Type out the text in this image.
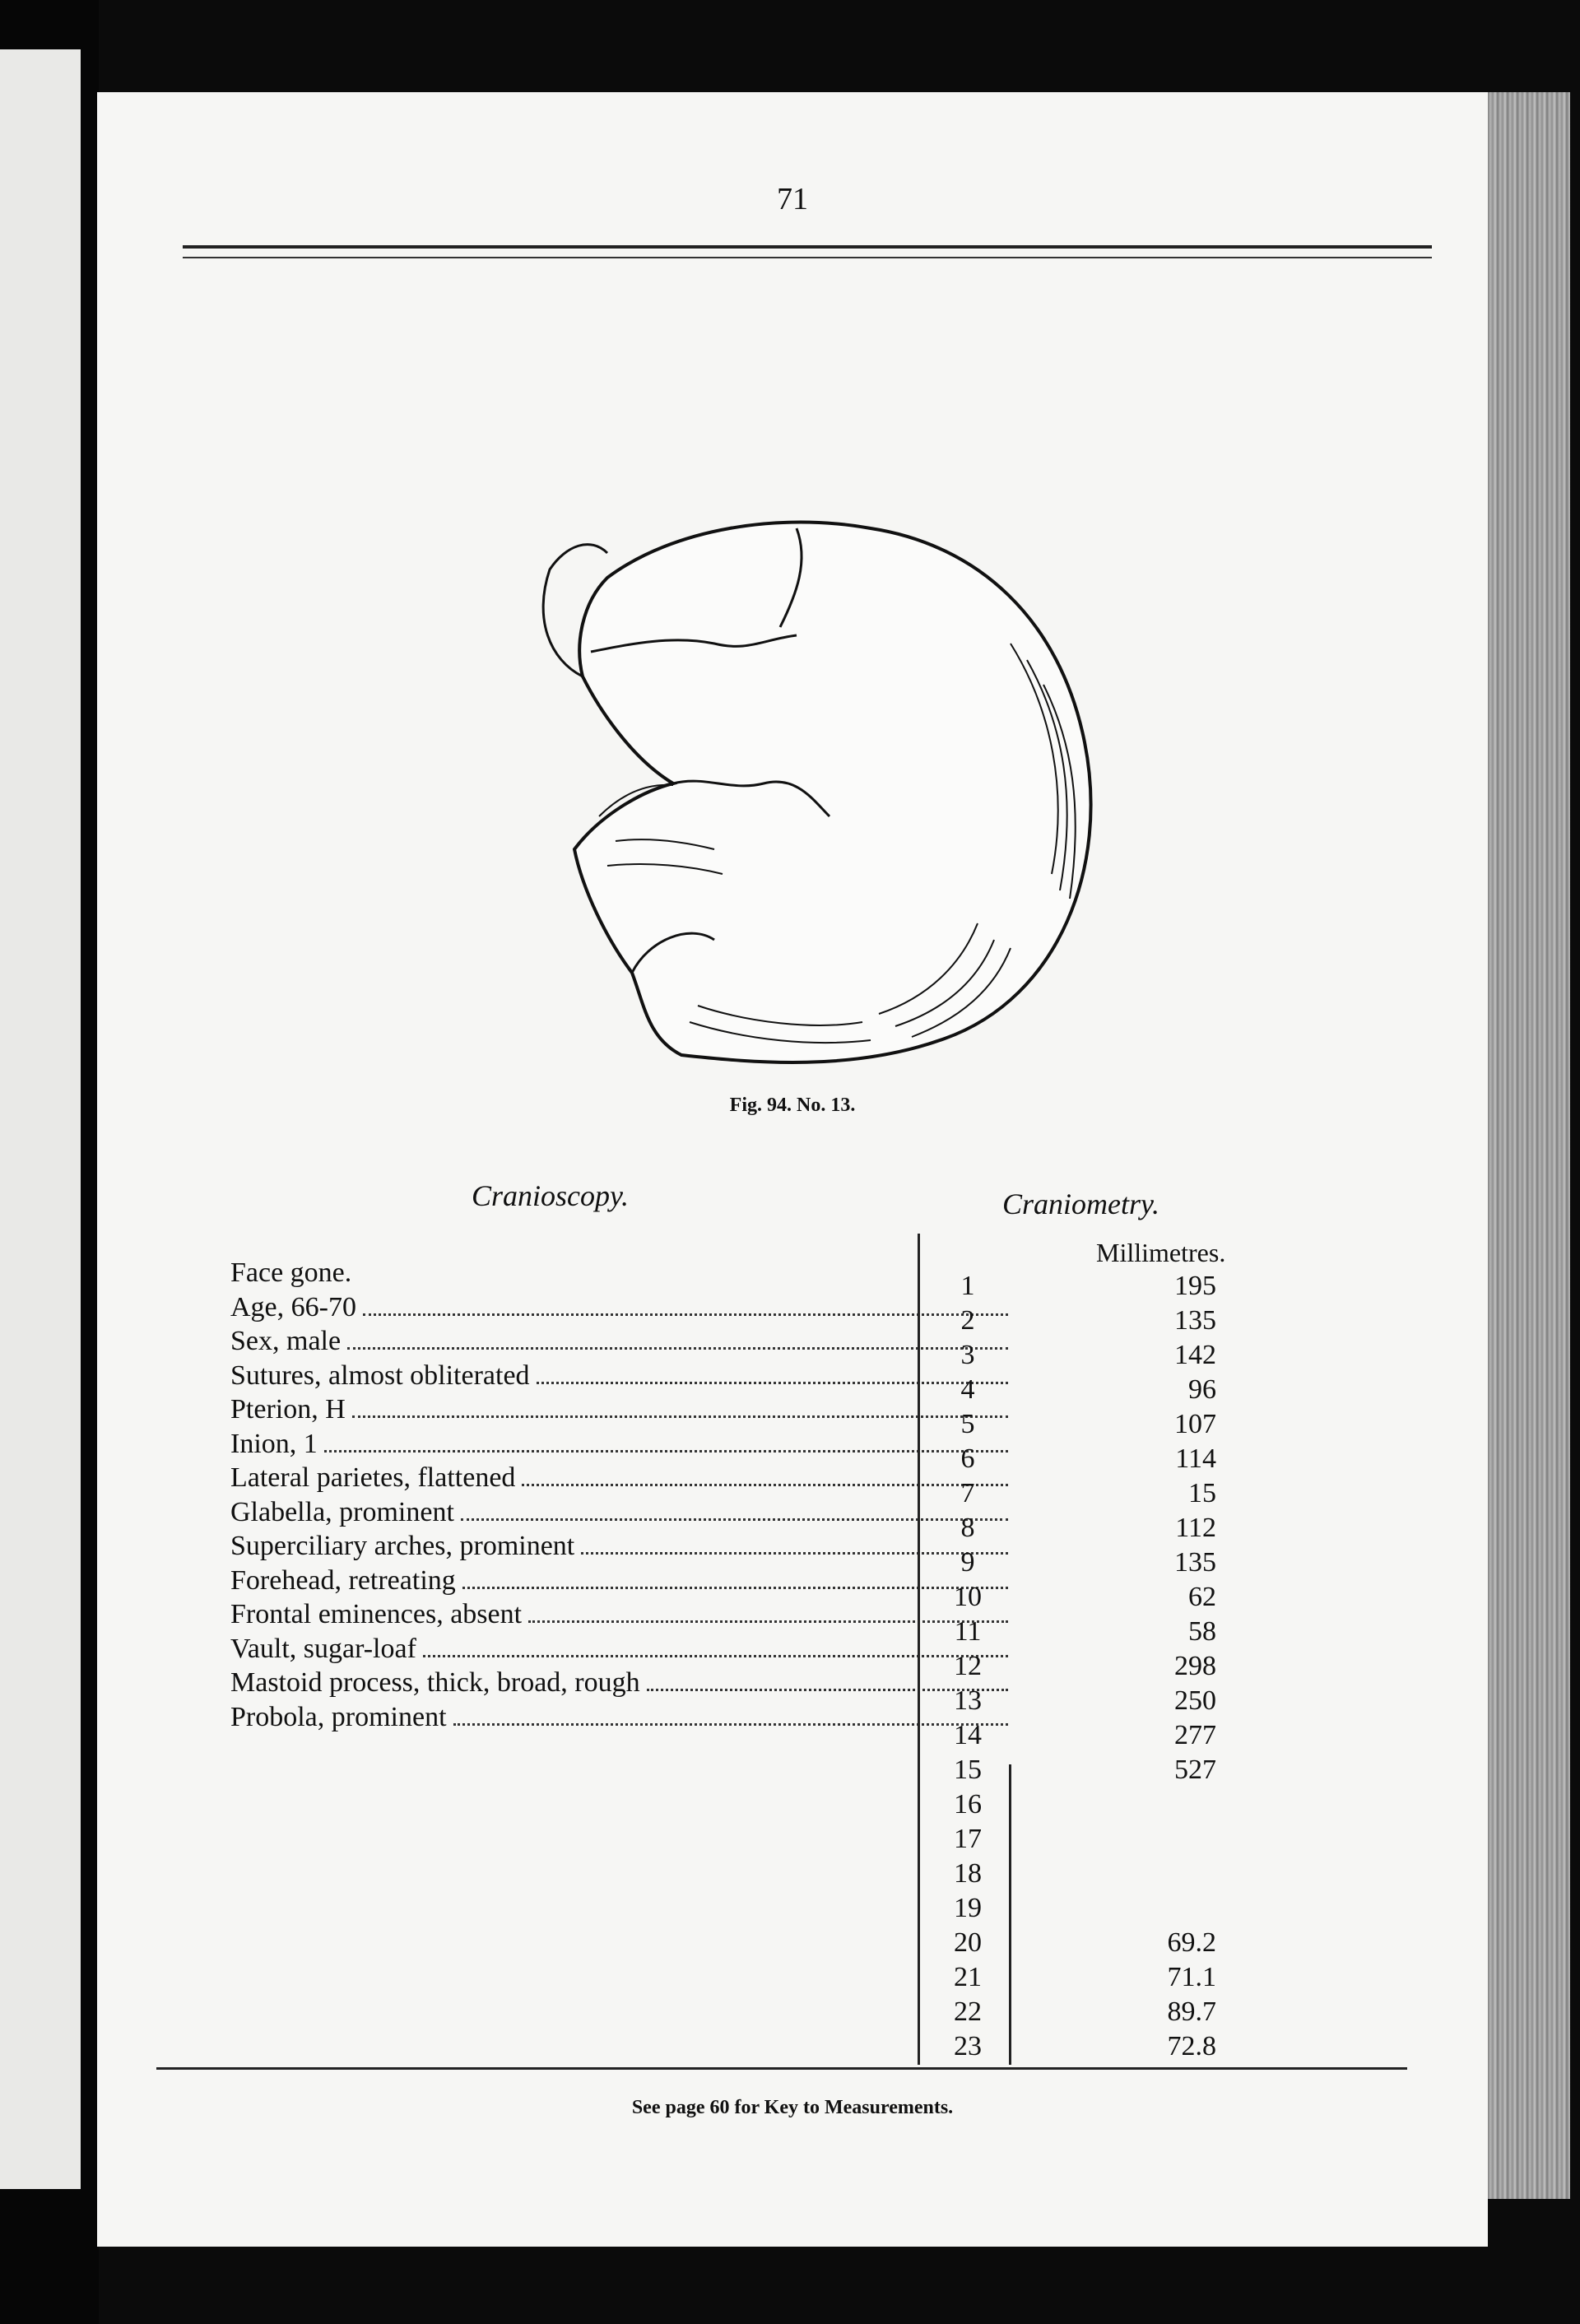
71
Fig. 94. No. 13.
Cranioscopy.	Craniometry.
Millimetres.
Face gone.
Age, 66-70
Sex, male
Sutures, almost obliterated
Pterion, H
Inion, 1
Lateral parietes, flattened
Glabella, prominent
Superciliary arches, prominent
Forehead, retreating
Frontal eminences, absent
Vault, sugar-loaf
Mastoid process, thick, broad, rough
Probola, prominent
1
2
3
4
5
6
7
8
9
10
11
12
13
14
15
16
17
18
19
20
21
22
23
195
135
142
96
107
114
15
112
135
62
58
298
250
277
527
69.2
71.1
89.7
72.8
See page 60 for Key to Measurements.
